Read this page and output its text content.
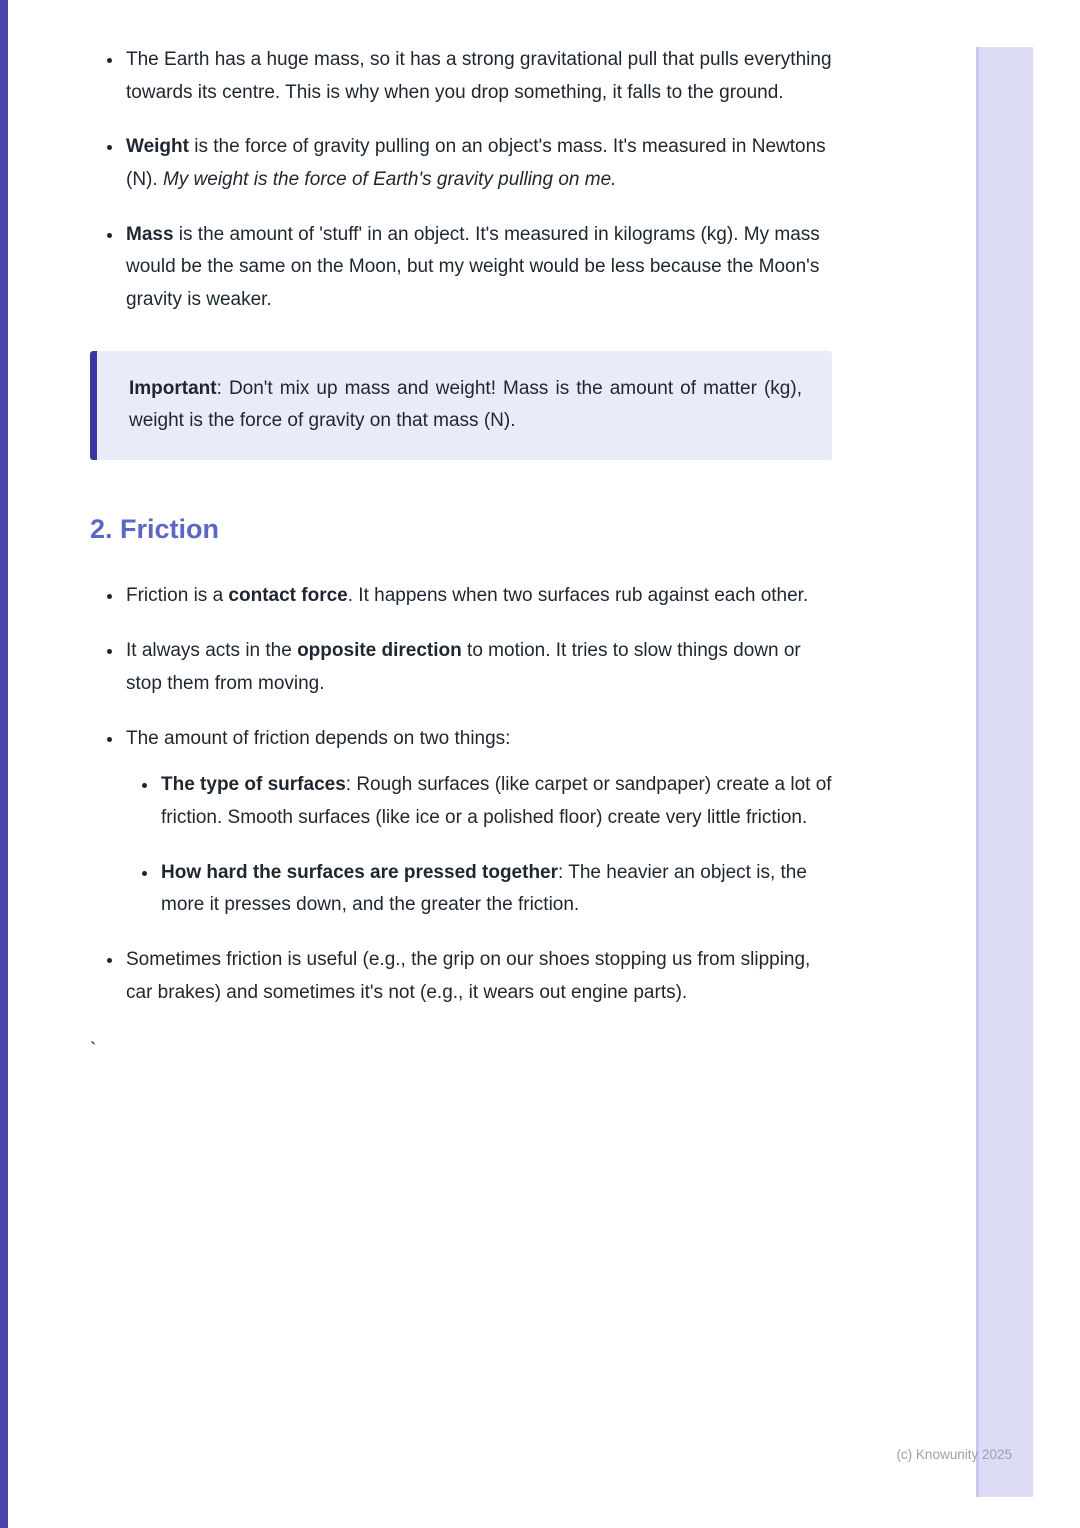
• The Earth has a huge mass, so it has a strong gravitational pull that pulls everything towards its centre. This is why when you drop something, it falls to the ground.
• Weight is the force of gravity pulling on an object's mass. It's measured in Newtons (N). My weight is the force of Earth's gravity pulling on me.
• Mass is the amount of 'stuff' in an object. It's measured in kilograms (kg). My mass would be the same on the Moon, but my weight would be less because the Moon's gravity is weaker.

Important: Don't mix up mass and weight! Mass is the amount of matter (kg), weight is the force of gravity on that mass (N).

2. Friction
• Friction is a contact force. It happens when two surfaces rub against each other.
• It always acts in the opposite direction to motion. It tries to slow things down or stop them from moving.
• The amount of friction depends on two things:
• The type of surfaces: Rough surfaces (like carpet or sandpaper) create a lot of friction. Smooth surfaces (like ice or a polished floor) create very little friction.
• How hard the surfaces are pressed together: The heavier an object is, the more it presses down, and the greater the friction.
• Sometimes friction is useful (e.g., the grip on our shoes stopping us from slipping, car brakes) and sometimes it's not (e.g., it wears out engine parts).
`
(c) Knowunity 2025
